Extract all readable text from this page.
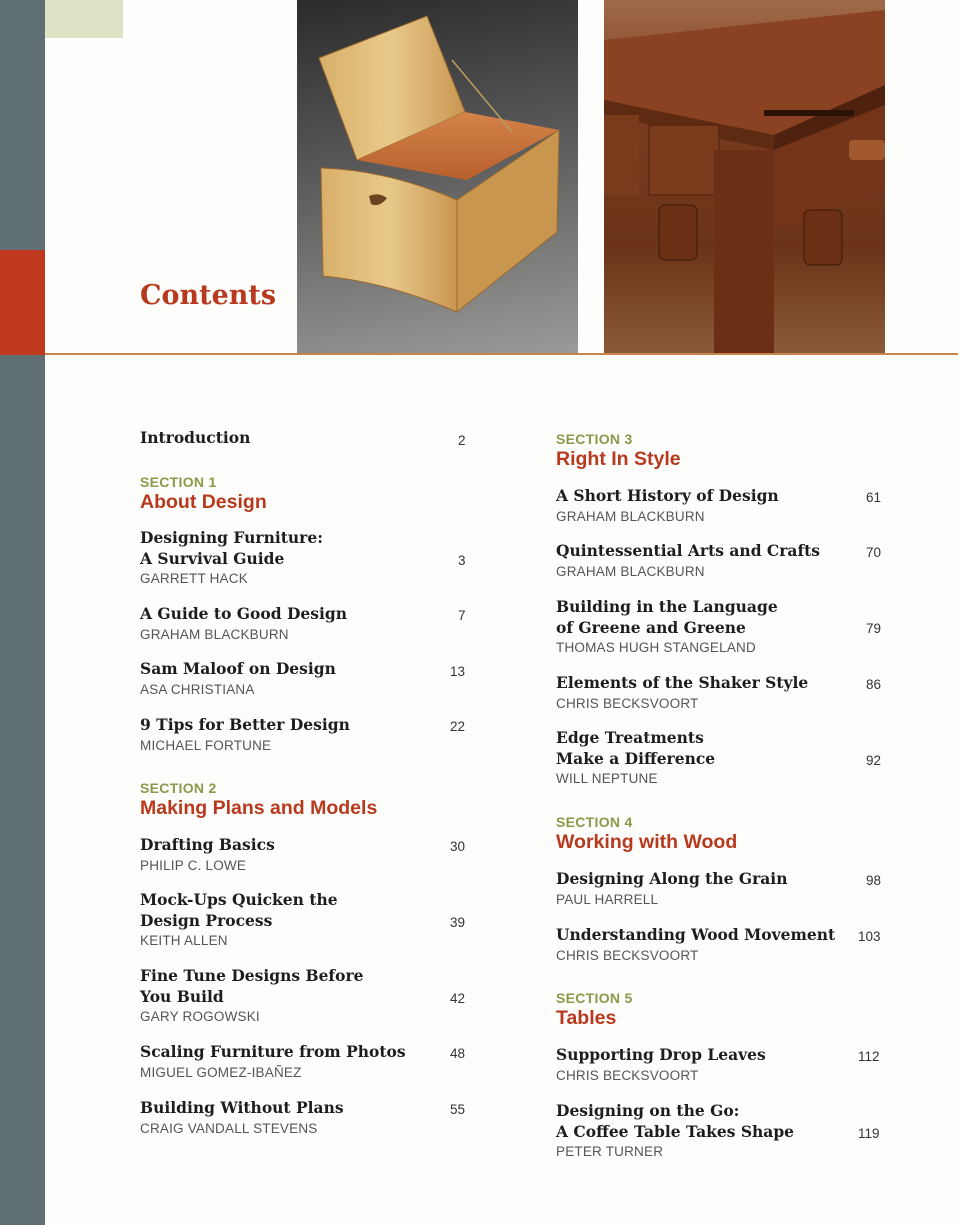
Contents
Introduction	2
SECTION 1
About Design
Designing Furniture:
A Survival Guide
GARRETT HACK
3
A Guide to Good Design
GRAHAM BLACKBURN
7
Sam Maloof on Design
ASA CHRISTIANA
13
9 Tips for Better Design
MICHAEL FORTUNE
22
SECTION 2
Making Plans and Models
Drafting Basics
PHILIP C. LOWE
30
Mock-Ups Quicken the
Design Process
KEITH ALLEN
39
Fine Tune Designs Before
You Build
GARY ROGOWSKI
42
Scaling Furniture from Photos
MIGUEL GOMEZ-IBAÑEZ
48
Building Without Plans
CRAIG VANDALL STEVENS
55
SECTION 3
Right In Style
A Short History of Design
GRAHAM BLACKBURN
61
Quintessential Arts and Crafts
GRAHAM BLACKBURN
70
Building in the Language
of Greene and Greene
THOMAS HUGH STANGELAND
79
Elements of the Shaker Style
CHRIS BECKSVOORT
86
Edge Treatments
Make a Difference
WILL NEPTUNE
92
SECTION 4
Working with Wood
Designing Along the Grain
PAUL HARRELL
98
Understanding Wood Movement
CHRIS BECKSVOORT
103
SECTION 5
Tables
Supporting Drop Leaves
CHRIS BECKSVOORT
112
Designing on the Go:
A Coffee Table Takes Shape
PETER TURNER
119
